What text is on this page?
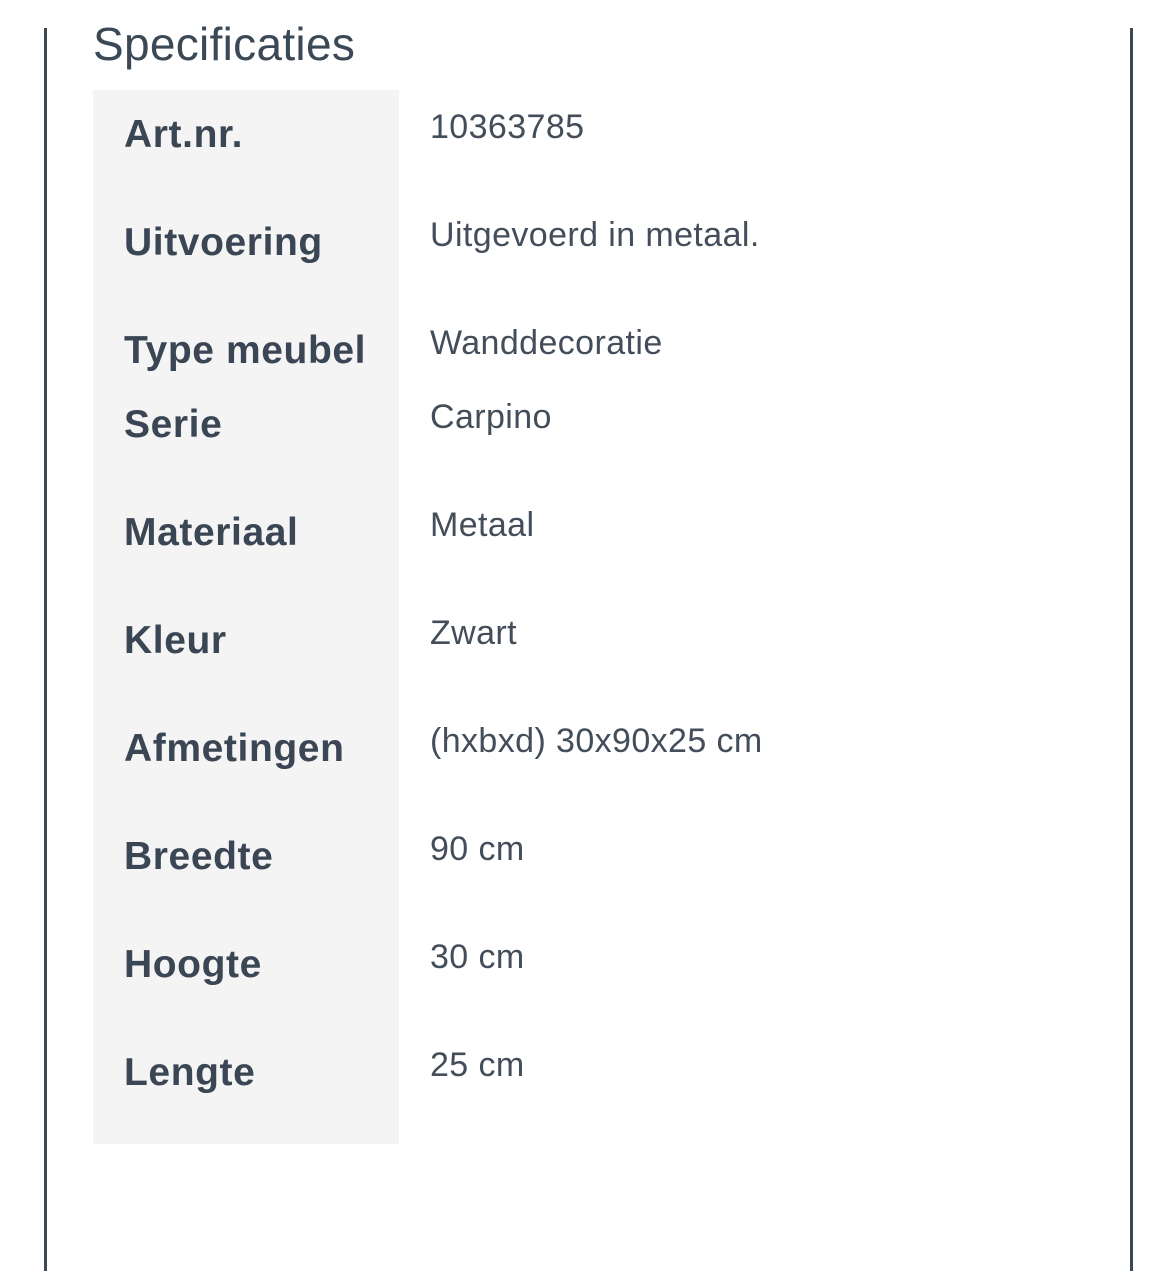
Specificaties
Art.nr.	10363785

Uitvoering	Uitgevoerd in metaal.

Type meubel	Wanddecoratie

Serie	Carpino

Materiaal	Metaal

Kleur	Zwart

Afmetingen	(hxbxd) 30x90x25 cm

Breedte	90 cm

Hoogte	30 cm

Lengte	25 cm
